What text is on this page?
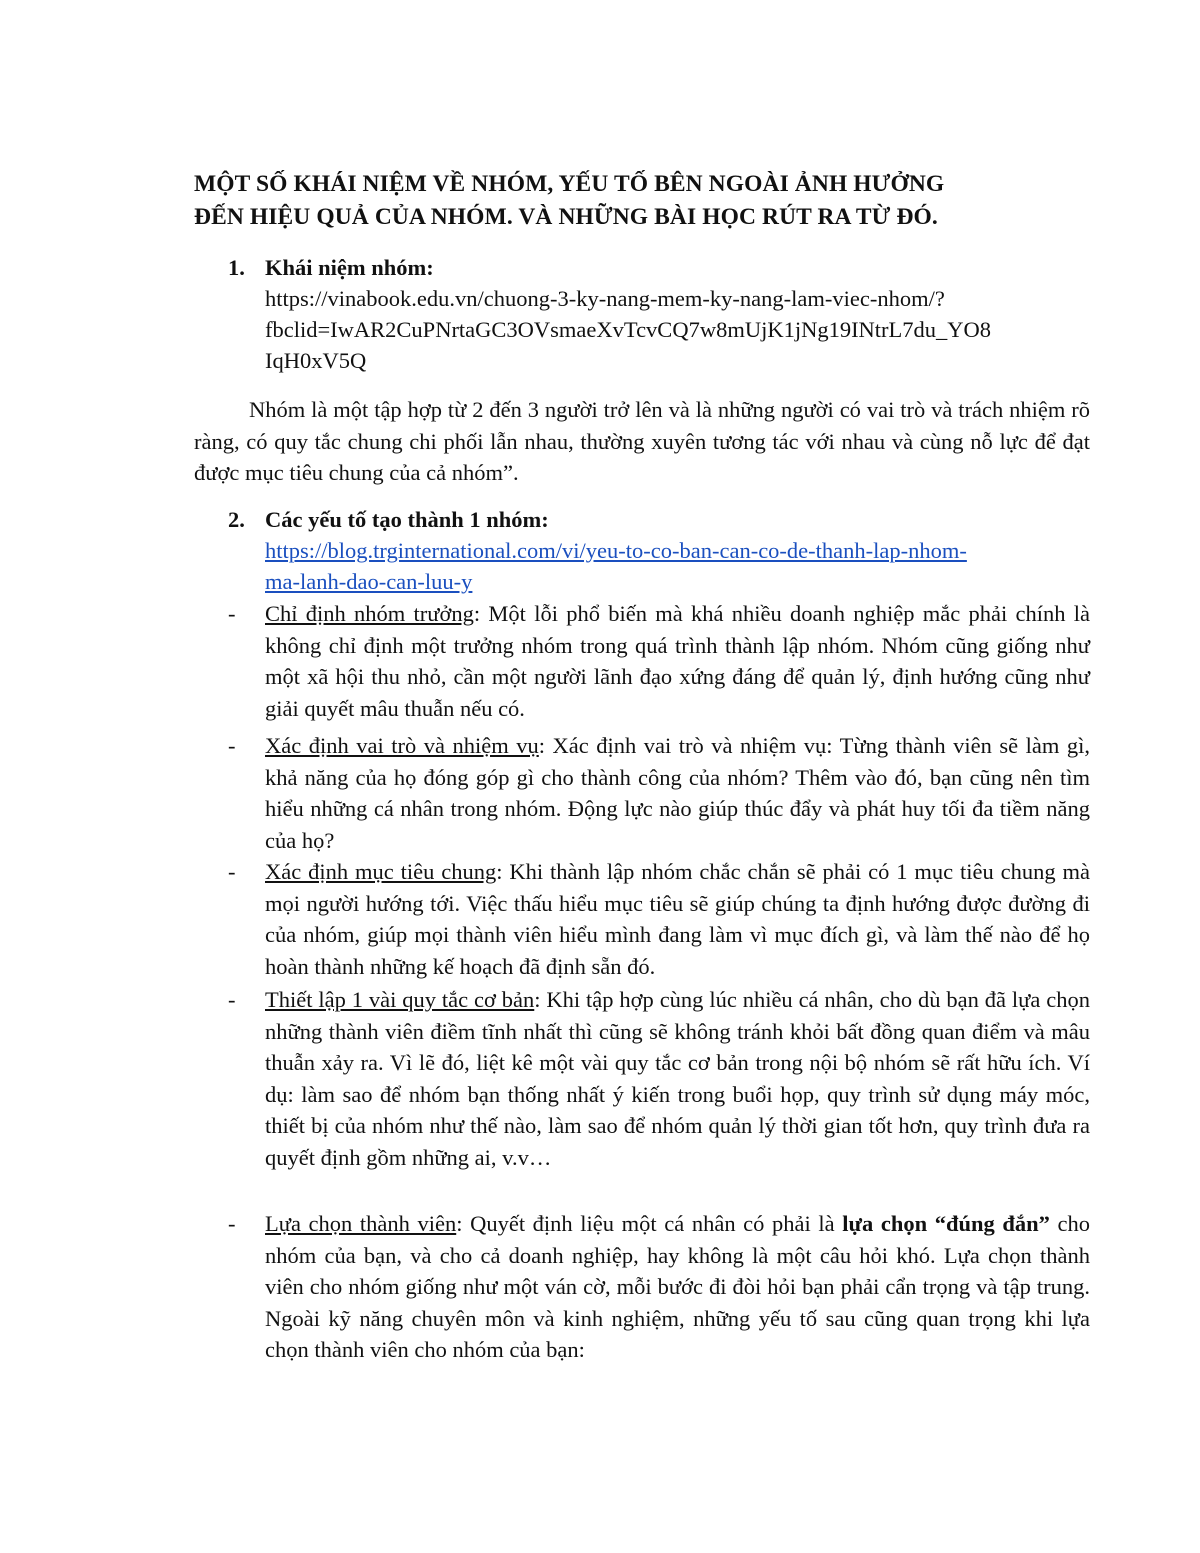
MỘT SỐ KHÁI NIỆM VỀ NHÓM, YẾU TỐ BÊN NGOÀI ẢNH HƯỞNG
ĐẾN HIỆU QUẢ CỦA NHÓM. VÀ NHỮNG BÀI HỌC RÚT RA TỪ ĐÓ.
1. Khái niệm nhóm:
https://vinabook.edu.vn/chuong-3-ky-nang-mem-ky-nang-lam-viec-nhom/?
fbclid=IwAR2CuPNrtaGC3OVsmaeXvTcvCQ7w8mUjK1jNg19INtrL7du_YO8
IqH0xV5Q

Nhóm là một tập hợp từ 2 đến 3 người trở lên và là những người có vai trò và trách nhiệm rõ ràng, có quy tắc chung chi phối lẫn nhau, thường xuyên tương tác với nhau và cùng nỗ lực để đạt được mục tiêu chung của cả nhóm”.

2. Các yếu tố tạo thành 1 nhóm:
https://blog.trginternational.com/vi/yeu-to-co-ban-can-co-de-thanh-lap-nhom-
ma-lanh-dao-can-luu-y
- Chỉ định nhóm trưởng: Một lỗi phổ biến mà khá nhiều doanh nghiệp mắc phải chính là không chỉ định một trưởng nhóm trong quá trình thành lập nhóm. Nhóm cũng giống như một xã hội thu nhỏ, cần một người lãnh đạo xứng đáng để quản lý, định hướng cũng như giải quyết mâu thuẫn nếu có.
- Xác định vai trò và nhiệm vụ: Xác định vai trò và nhiệm vụ: Từng thành viên sẽ làm gì, khả năng của họ đóng góp gì cho thành công của nhóm? Thêm vào đó, bạn cũng nên tìm hiểu những cá nhân trong nhóm. Động lực nào giúp thúc đẩy và phát huy tối đa tiềm năng của họ?
- Xác định mục tiêu chung: Khi thành lập nhóm chắc chắn sẽ phải có 1 mục tiêu chung mà mọi người hướng tới. Việc thấu hiểu mục tiêu sẽ giúp chúng ta định hướng được đường đi của nhóm, giúp mọi thành viên hiểu mình đang làm vì mục đích gì, và làm thế nào để họ hoàn thành những kế hoạch đã định sẵn đó.
- Thiết lập 1 vài quy tắc cơ bản: Khi tập hợp cùng lúc nhiều cá nhân, cho dù bạn đã lựa chọn những thành viên điềm tĩnh nhất thì cũng sẽ không tránh khỏi bất đồng quan điểm và mâu thuẫn xảy ra. Vì lẽ đó, liệt kê một vài quy tắc cơ bản trong nội bộ nhóm sẽ rất hữu ích. Ví dụ: làm sao để nhóm bạn thống nhất ý kiến trong buổi họp, quy trình sử dụng máy móc, thiết bị của nhóm như thế nào, làm sao để nhóm quản lý thời gian tốt hơn, quy trình đưa ra quyết định gồm những ai, v.v…
- Lựa chọn thành viên: Quyết định liệu một cá nhân có phải là lựa chọn “đúng đắn” cho nhóm của bạn, và cho cả doanh nghiệp, hay không là một câu hỏi khó. Lựa chọn thành viên cho nhóm giống như một ván cờ, mỗi bước đi đòi hỏi bạn phải cẩn trọng và tập trung. Ngoài kỹ năng chuyên môn và kinh nghiệm, những yếu tố sau cũng quan trọng khi lựa chọn thành viên cho nhóm của bạn:
